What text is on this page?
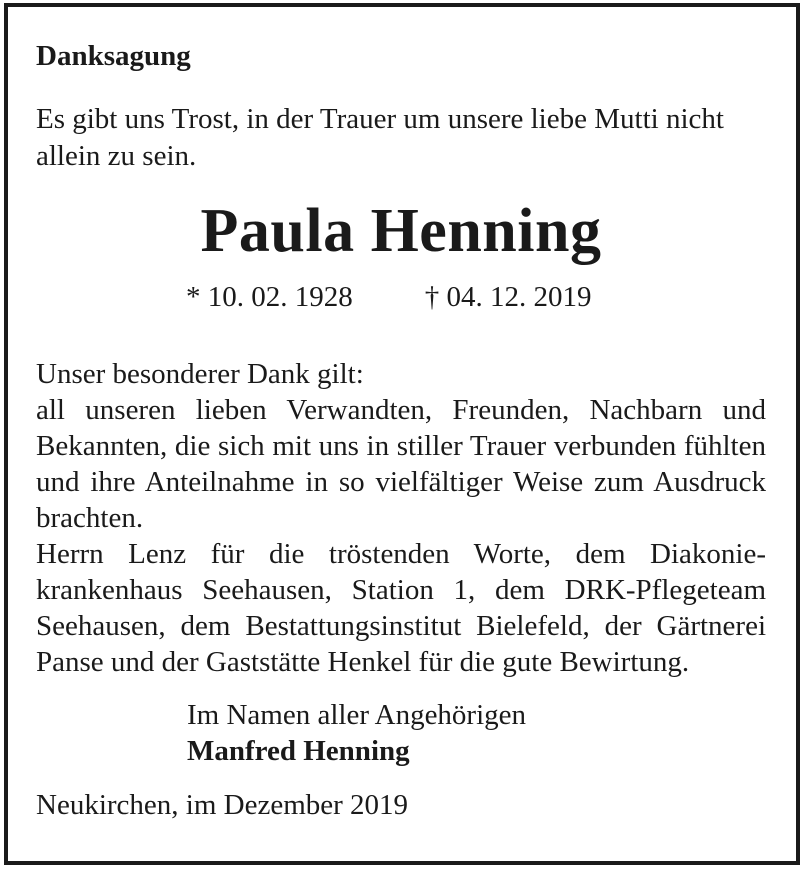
Danksagung
Es gibt uns Trost, in der Trauer um unsere liebe Mutti nicht allein zu sein.
Paula Henning
* 10. 02. 1928 † 04. 12. 2019
Unser besonderer Dank gilt:

all unseren lieben Verwandten, Freunden, Nachbarn und Bekannten, die sich mit uns in stiller Trauer verbunden fühlten und ihre Anteilnahme in so vielfältiger Weise zum Ausdruck brachten.

Herrn Lenz für die tröstenden Worte, dem Diakoniekrankenhaus Seehausen, Station 1, dem DRK-Pflegeteam Seehausen, dem Bestattungsinstitut Bielefeld, der Gärtnerei Panse und der Gaststätte Henkel für die gute Bewirtung.

Im Namen aller Angehörigen
Manfred Henning
Neukirchen, im Dezember 2019
